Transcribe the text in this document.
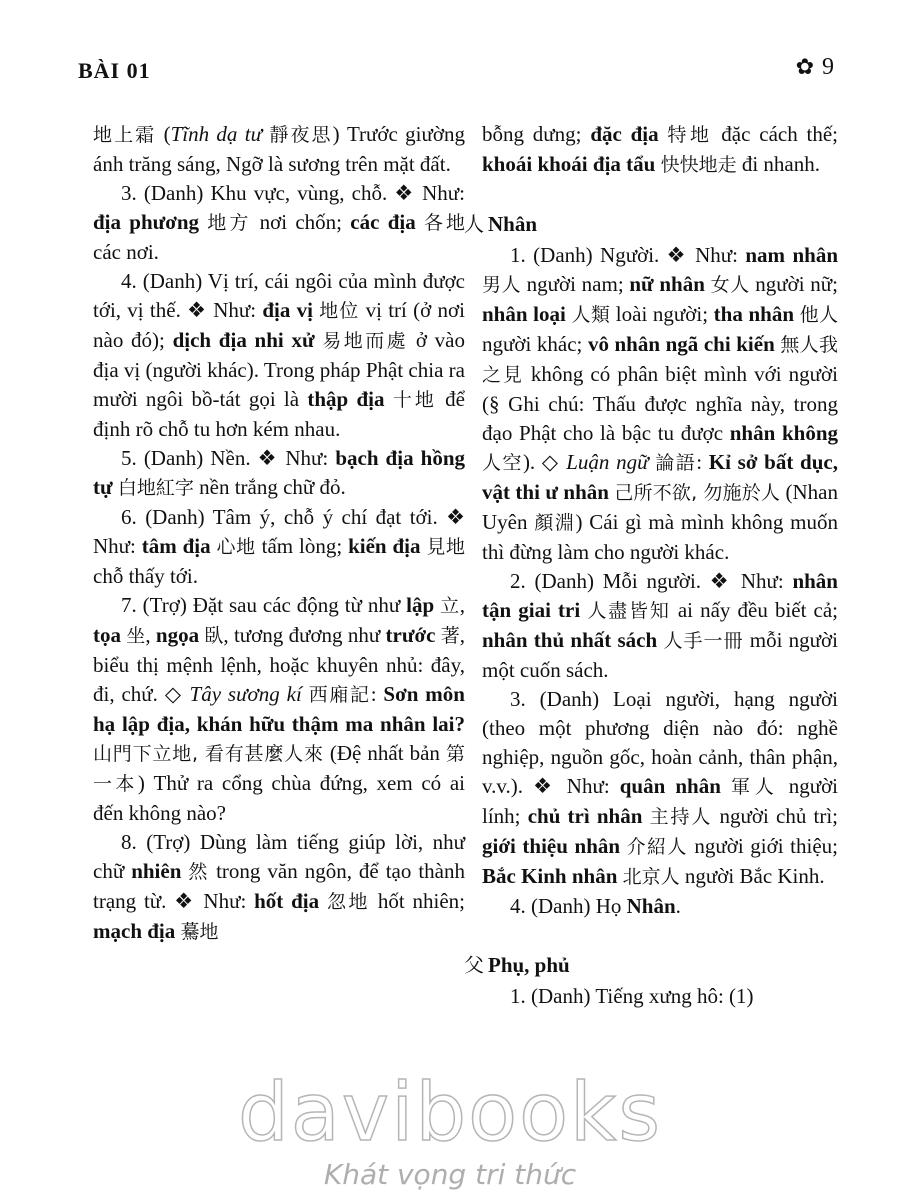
BÀI 01	✿ 9

地上霜 (Tĩnh dạ tư 靜夜思) Trước giường ánh trăng sáng, Ngỡ là sương trên mặt đất.

3. (Danh) Khu vực, vùng, chỗ. ❖ Như: địa phương 地方 nơi chốn; các địa 各地 các nơi.

4. (Danh) Vị trí, cái ngôi của mình được tới, vị thế. ❖ Như: địa vị 地位 vị trí (ở nơi nào đó); dịch địa nhi xử 易地而處 ở vào địa vị (người khác). Trong pháp Phật chia ra mười ngôi bồ-tát gọi là thập địa 十地 để định rõ chỗ tu hơn kém nhau.

5. (Danh) Nền. ❖ Như: bạch địa hồng tự 白地紅字 nền trắng chữ đỏ.

6. (Danh) Tâm ý, chỗ ý chí đạt tới. ❖ Như: tâm địa 心地 tấm lòng; kiến địa 見地 chỗ thấy tới.

7. (Trợ) Đặt sau các động từ như lập 立, tọa 坐, ngọa 臥, tương đương như trước 著, biểu thị mệnh lệnh, hoặc khuyên nhủ: đây, đi, chứ. ◇ Tây sương kí 西廂記: Sơn môn hạ lập địa, khán hữu thậm ma nhân lai? 山門下立地, 看有甚麼人來 (Đệ nhất bản 第一本) Thử ra cổng chùa đứng, xem có ai đến không nào?

8. (Trợ) Dùng làm tiếng giúp lời, như chữ nhiên 然 trong văn ngôn, để tạo thành trạng từ. ❖ Như: hốt địa 忽地 hốt nhiên; mạch địa 驀地

bỗng dưng; đặc địa 特地 đặc cách thế; khoái khoái địa tẩu 快快地走 đi nhanh.

人 Nhân

1. (Danh) Người. ❖ Như: nam nhân 男人 người nam; nữ nhân 女人 người nữ; nhân loại 人類 loài người; tha nhân 他人 người khác; vô nhân ngã chi kiến 無人我之見 không có phân biệt mình với người (§ Ghi chú: Thấu được nghĩa này, trong đạo Phật cho là bậc tu được nhân không 人空). ◇ Luận ngữ 論語: Kỉ sở bất dục, vật thi ư nhân 己所不欲, 勿施於人 (Nhan Uyên 顏淵) Cái gì mà mình không muốn thì đừng làm cho người khác.

2. (Danh) Mỗi người. ❖ Như: nhân tận giai tri 人盡皆知 ai nấy đều biết cả; nhân thủ nhất sách 人手一冊 mỗi người một cuốn sách.

3. (Danh) Loại người, hạng người (theo một phương diện nào đó: nghề nghiệp, nguồn gốc, hoàn cảnh, thân phận, v.v.). ❖ Như: quân nhân 軍人 người lính; chủ trì nhân 主持人 người chủ trì; giới thiệu nhân 介紹人 người giới thiệu; Bắc Kinh nhân 北京人 người Bắc Kinh.

4. (Danh) Họ Nhân.

父 Phụ, phủ

1. (Danh) Tiếng xưng hô: (1)

davibooks
Khát vọng tri thức
